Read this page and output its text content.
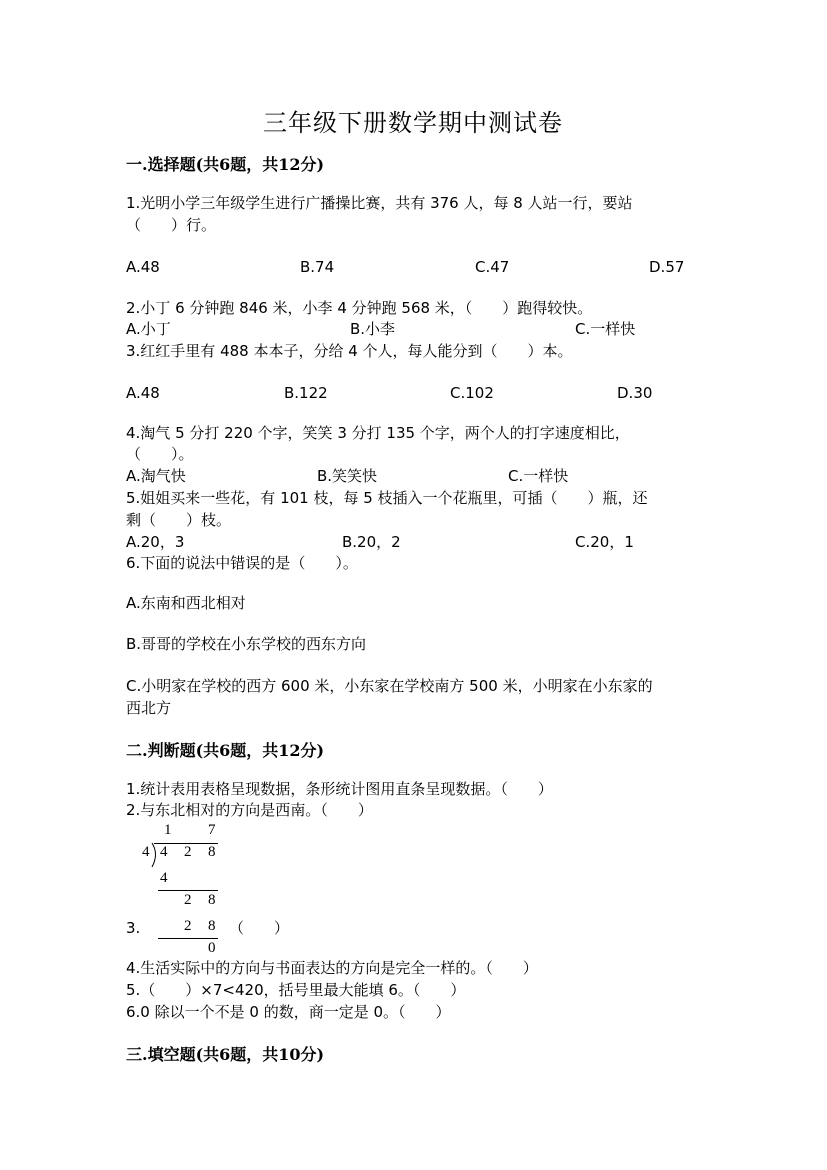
三年级下册数学期中测试卷
一.选择题(共6题，共12分)
1.光明小学三年级学生进行广播操比赛，共有 376 人，每 8 人站一行，要站
（　　）行。
A.48	B.74	C.47	D.57
2.小丁 6 分钟跑 846 米，小李 4 分钟跑 568 米，（　　）跑得较快。
A.小丁	B.小李	C.一样快
3.红红手里有 488 本本子，分给 4 个人，每人能分到（　　）本。
A.48	B.122	C.102	D.30
4.淘气 5 分打 220 个字，笑笑 3 分打 135 个字，两个人的打字速度相比，
（　　）。
A.淘气快	B.笑笑快	C.一样快
5.姐姐买来一些花，有 101 枝，每 5 枝插入一个花瓶里，可插（　　）瓶，还
剩（　　）枝。
A.20，3	B.20，2	C.20，1
6.下面的说法中错误的是（　　）。
A.东南和西北相对
B.哥哥的学校在小东学校的西东方向
C.小明家在学校的西方 600 米，小东家在学校南方 500 米，小明家在小东家的
西北方
二.判断题(共6题，共12分)
1.统计表用表格呈现数据，条形统计图用直条呈现数据。（　　）
2.与东北相对的方向是西南。（　　）
1 7
4 4 2 8
4
2 8
2 8
0
3.	（　　）
4.生活实际中的方向与书面表达的方向是完全一样的。（　　）
5.（　　）×7<420，括号里最大能填 6。（　　）
6.0 除以一个不是 0 的数，商一定是 0。（　　）
三.填空题(共6题，共10分)
